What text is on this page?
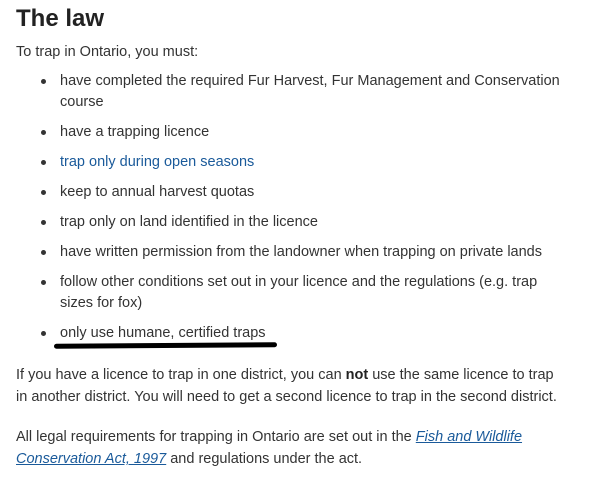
The law

To trap in Ontario, you must:

have completed the required Fur Harvest, Fur Management and Conservation
course
have a trapping licence
trap only during open seasons
keep to annual harvest quotas
trap only on land identified in the licence
have written permission from the landowner when trapping on private lands
follow other conditions set out in your licence and the regulations (e.g. trap
sizes for fox)
only use humane, certified traps

If you have a licence to trap in one district, you can not use the same licence to trap
in another district. You will need to get a second licence to trap in the second district.

All legal requirements for trapping in Ontario are set out in the Fish and Wildlife
Conservation Act, 1997 and regulations under the act.
